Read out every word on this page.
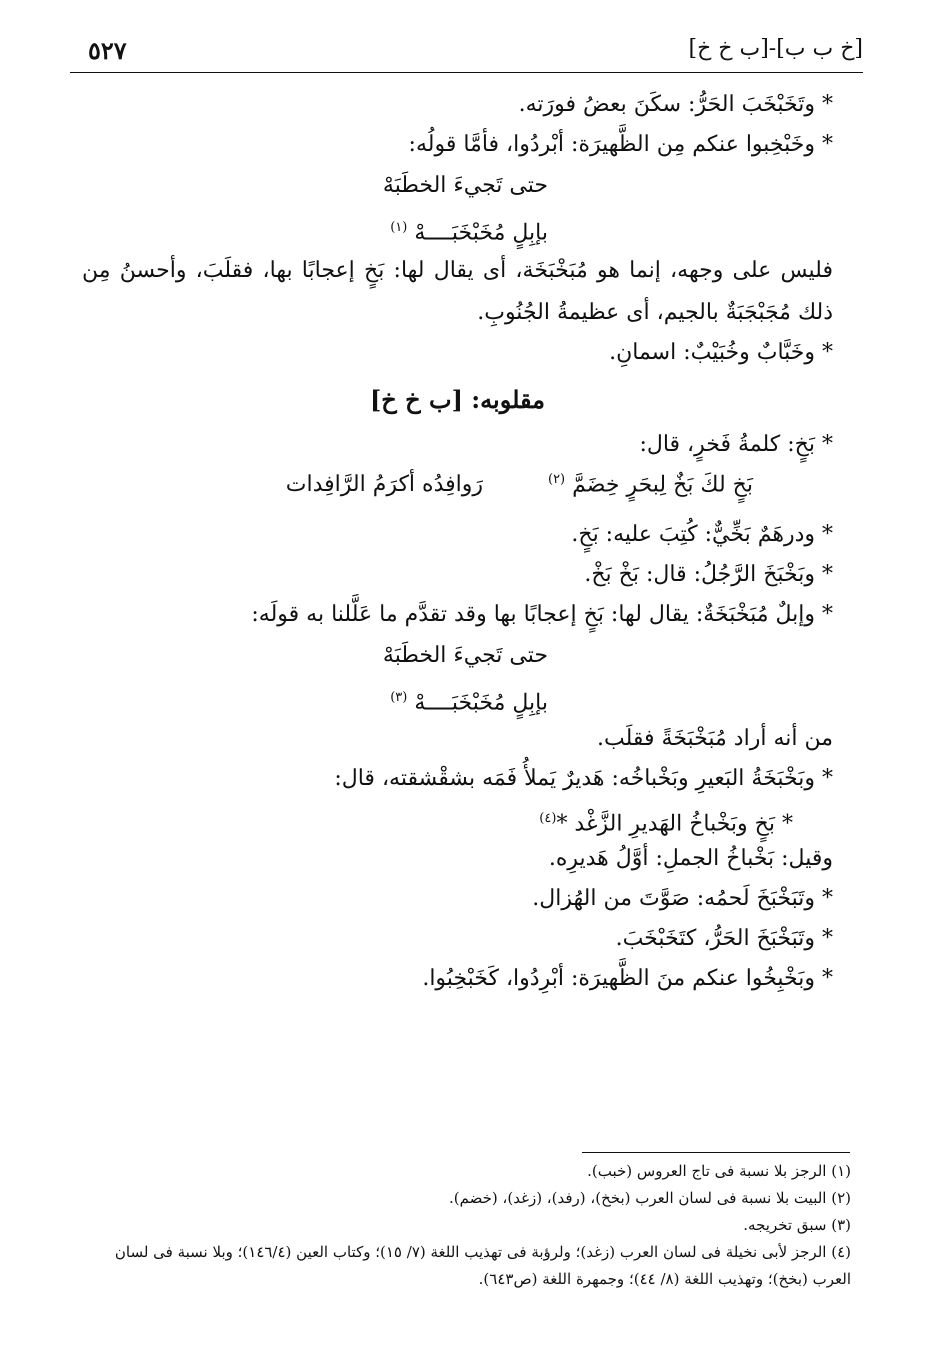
٥٢٧	[خ ب ب]-[ب خ خ]

* وتَخَبْخَبَ الحَرُّ: سكَنَ بعضُ فورَته.

* وخَبْخِبوا عنكم مِن الظَّهيرَة: أبْردُوا، فأمَّا قولُه:

حتى تَجيءَ الخطَبَهْ
بإبِلٍ مُخَبْخَبَــــهْ $^{(١)}$

فليس على وجهه، إنما هو مُبَخْبَخَة، أى يقال لها: بَخٍ إعجابًا بها، فقلَبَ، وأحسنُ مِن ذلك مُجَبْجَبَةٌ بالجيم، أى عظيمةُ الجُنُوبِ.

* وخَبَّابٌ وخُبَيْبٌ: اسمانِ.

مقلوبه: [ب خ خ]

* بَخٍ: كلمةُ فَخرٍ، قال:

بَخٍ لكَ بَخٌ لِبحَرٍ خِضَمَّ $^{(٢)}$
رَوافِدُه أكرَمُ الرَّافِدات

* ودرهَمٌ بَخِّيٌّ: كُتِبَ عليه: بَخٍ.

* وبَخْبَخَ الرَّجُلُ: قال: بَخْ بَخْ.

* وإبلٌ مُبَخْبَخَةٌ: يقال لها: بَخٍ إعجابًا بها وقد تقدَّم ما عَلَّلنا به قولَه:

حتى تَجيءَ الخطَبَهْ
بإبِلٍ مُخَبْخَبَــــهْ $^{(٣)}$

من أنه أراد مُبَخْبَخَةً فقلَب.

* وبَخْبَخَةُ البَعيرِ وبَخْباخُه: هَديرٌ يَملأُ فَمَه بشقْشقته، قال:

* بَخٍ وبَخْباخُ الهَديرِ الزَّغْد *$^{(٤)}$

وقيل: بَخْباخُ الجملِ: أوَّلُ هَديرِه.

* وتَبَخْبَخَ لَحمُه: صَوَّتَ من الهُزال.

* وتَبَخْبَخَ الحَرُّ، كتَخَبْخَبَ.

* وبَخْبِخُوا عنكم منَ الظَّهيرَة: أبْرِدُوا، كَخَبْخِبُوا.

(١) الرجز بلا نسبة فى تاج العروس (خبب).

(٢) البيت بلا نسبة فى لسان العرب (بخخ)، (رفد)، (زغد)، (خضم).

(٣) سبق تخريجه.

(٤) الرجز لأبى نخيلة فى لسان العرب (زغد)؛ ولرؤبة فى تهذيب اللغة (٧/ ١٥)؛ وكتاب العين (١٤٦/٤)؛ وبلا نسبة فى لسان العرب (بخخ)؛ وتهذيب اللغة (٨/ ٤٤)؛ وجمهرة اللغة (ص٦٤٣).
